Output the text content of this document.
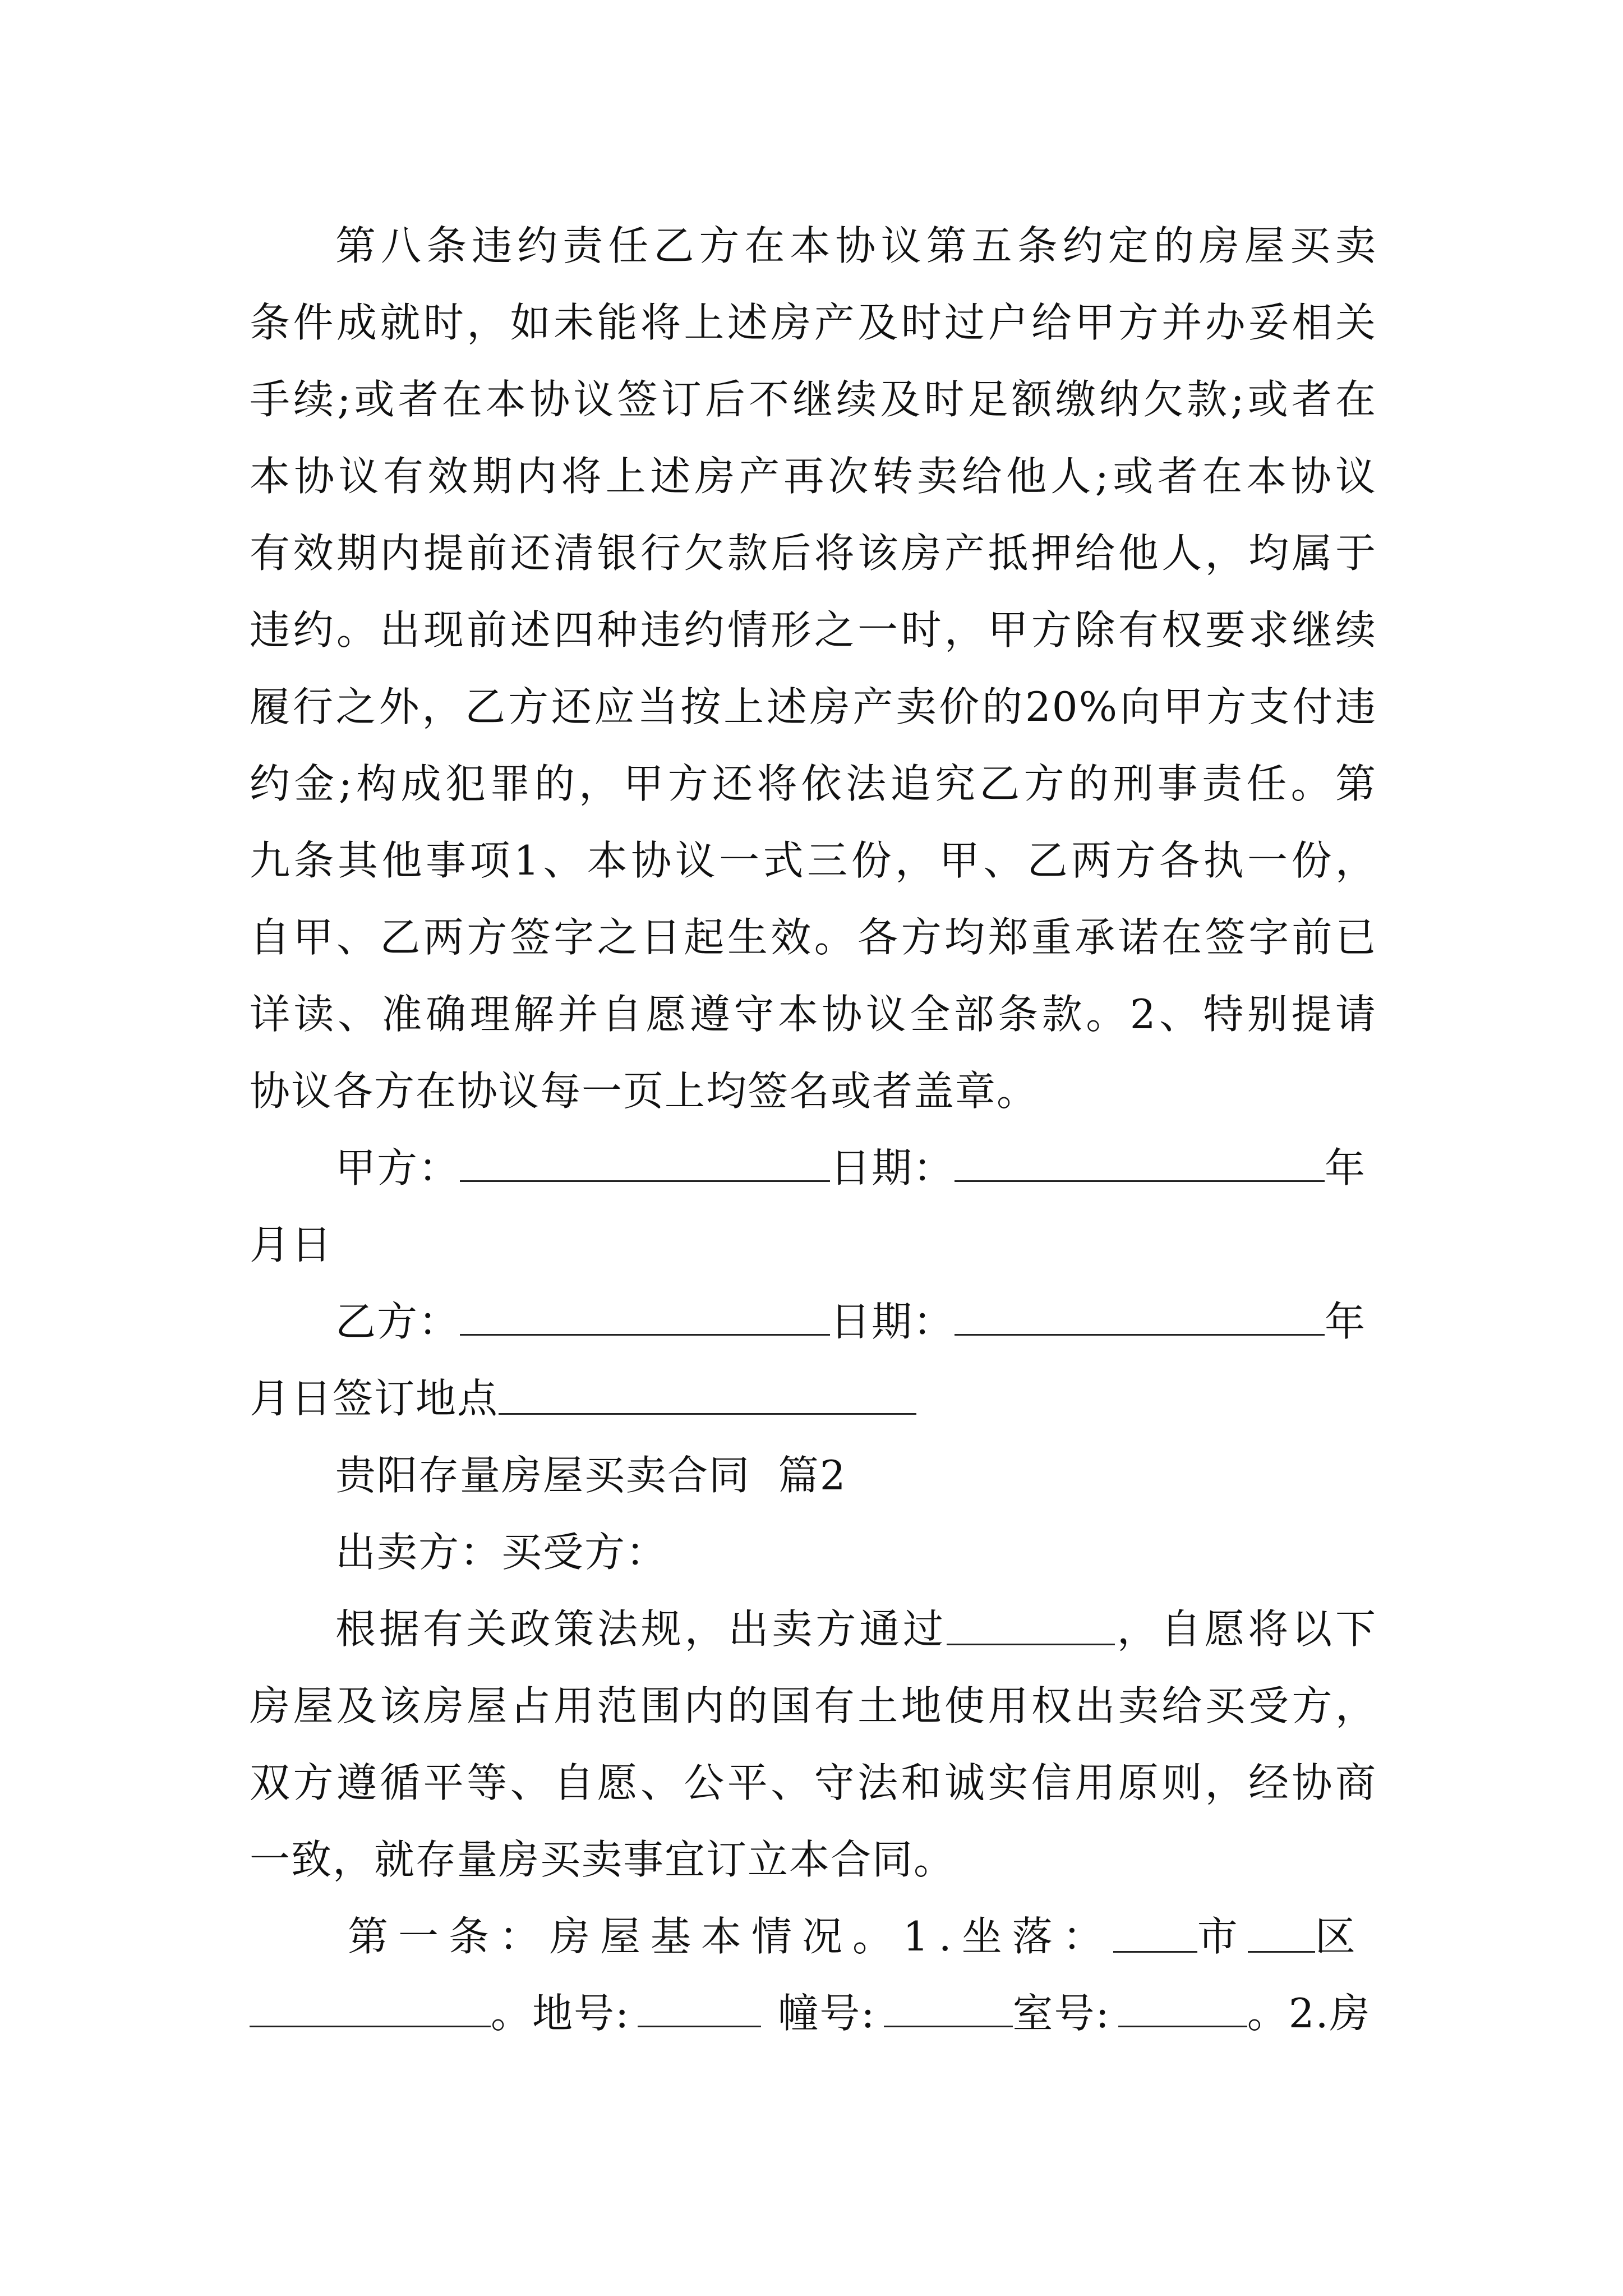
第八条违约责任乙方在本协议第五条约定的房屋买卖

条件成就时，如未能将上述房产及时过户给甲方并办妥相关

手续;或者在本协议签订后不继续及时足额缴纳欠款;或者在

本协议有效期内将上述房产再次转卖给他人;或者在本协议

有效期内提前还清银行欠款后将该房产抵押给他人，均属于

违约。出现前述四种违约情形之一时，甲方除有权要求继续

履行之外，乙方还应当按上述房产卖价的20%向甲方支付违

约金;构成犯罪的，甲方还将依法追究乙方的刑事责任。第

九条其他事项1、本协议一式三份，甲、乙两方各执一份，

自甲、乙两方签字之日起生效。各方均郑重承诺在签字前已

详读、准确理解并自愿遵守本协议全部条款。2、特别提请

协议各方在协议每一页上均签名或者盖章。

甲方：	日期：	年

月日

乙方：	日期：	年

月日签订地点

贵阳存量房屋买卖合同  篇2

出卖方：买受方：

根据有关政策法规，出卖方通过	，自愿将以下

房屋及该房屋占用范围内的国有土地使用权出卖给买受方，

双方遵循平等、自愿、公平、守法和诚实信用原则，经协商

一致，就存量房买卖事宜订立本合同。

第一条：房屋基本情况。1.坐落： 市 区

。地号:	幢号:	室号:	。2.房
